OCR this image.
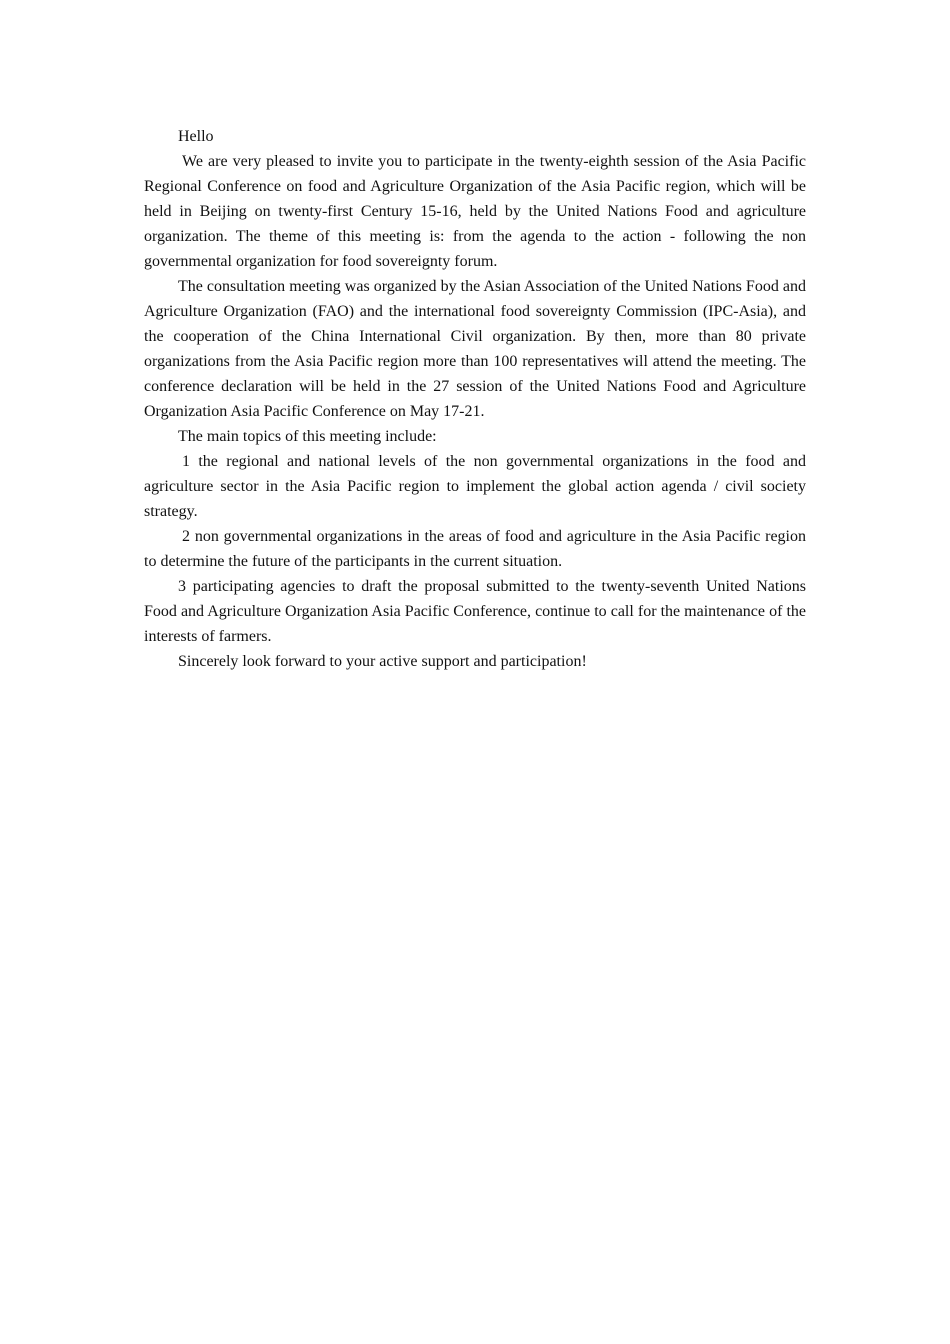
Hello

We are very pleased to invite you to participate in the twenty-eighth session of the Asia Pacific Regional Conference on food and Agriculture Organization of the Asia Pacific region, which will be held in Beijing on twenty-first Century 15-16, held by the United Nations Food and agriculture organization. The theme of this meeting is: from the agenda to the action - following the non governmental organization for food sovereignty forum.

The consultation meeting was organized by the Asian Association of the United Nations Food and Agriculture Organization (FAO) and the international food sovereignty Commission (IPC-Asia), and the cooperation of the China International Civil organization. By then, more than 80 private organizations from the Asia Pacific region more than 100 representatives will attend the meeting. The conference declaration will be held in the 27 session of the United Nations Food and Agriculture Organization Asia Pacific Conference on May 17-21.

The main topics of this meeting include:

1 the regional and national levels of the non governmental organizations in the food and agriculture sector in the Asia Pacific region to implement the global action agenda / civil society strategy.

2 non governmental organizations in the areas of food and agriculture in the Asia Pacific region to determine the future of the participants in the current situation.

3 participating agencies to draft the proposal submitted to the twenty-seventh United Nations Food and Agriculture Organization Asia Pacific Conference, continue to call for the maintenance of the interests of farmers.

Sincerely look forward to your active support and participation!
